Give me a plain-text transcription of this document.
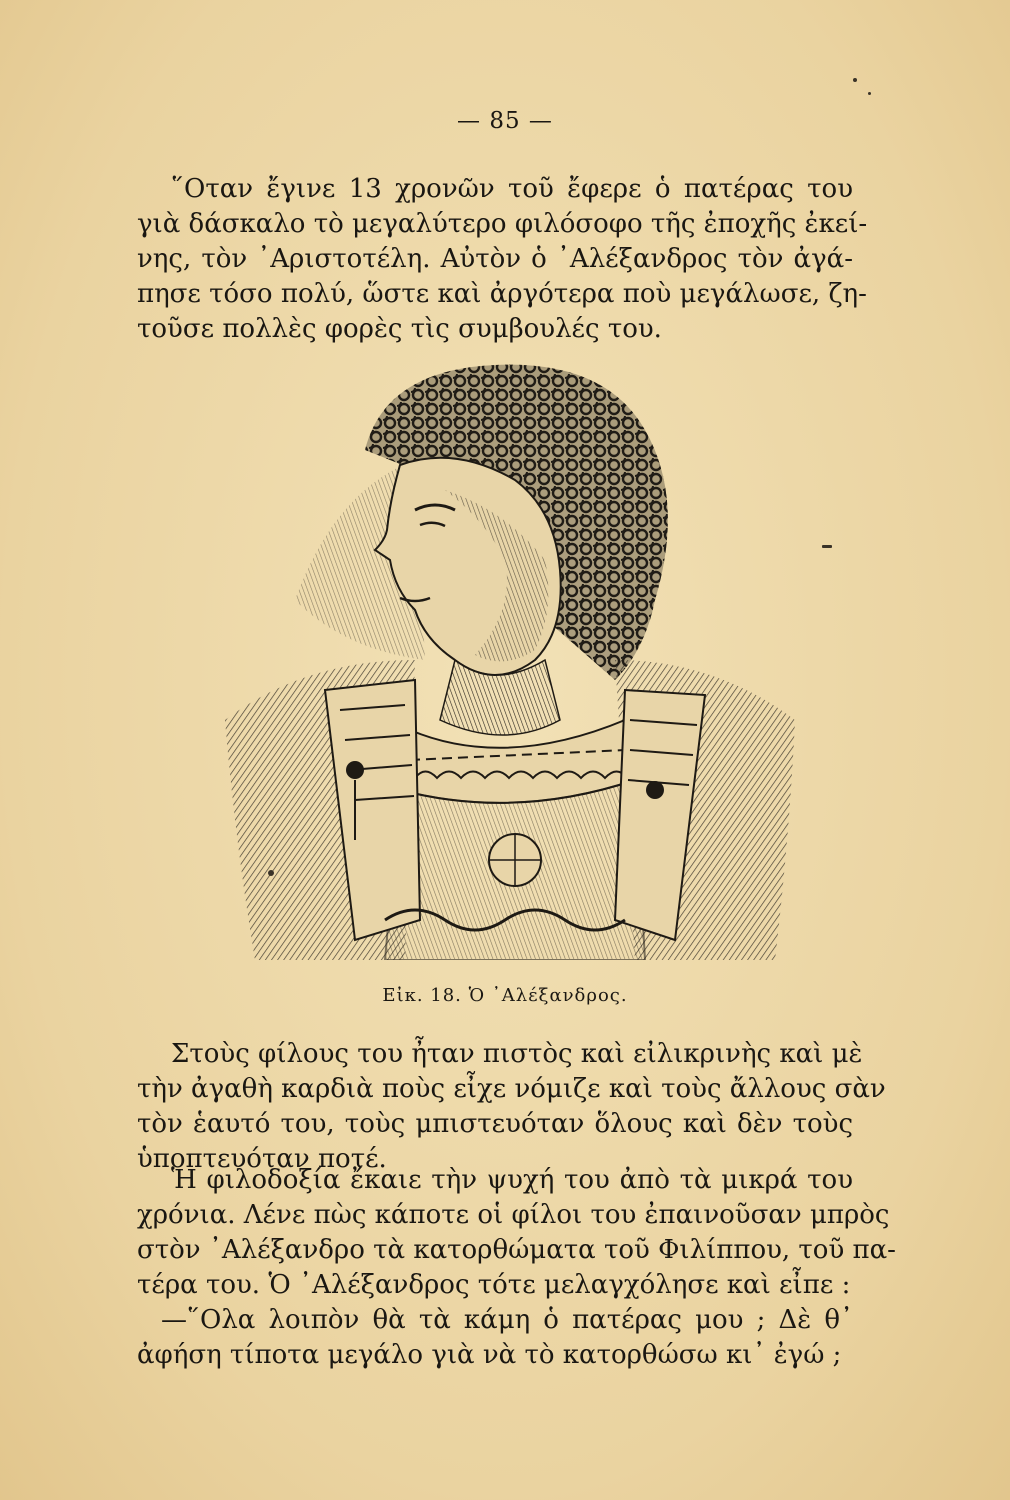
— 85 —
῞Οταν ἔγινε 13 χρονῶν τοῦ ἔφερε ὁ πατέρας του
γιὰ δάσκαλο τὸ μεγαλύτερο φιλόσοφο τῆς ἐποχῆς ἐκεί-
νης, τὸν ᾿Αριστοτέλη. Αὐτὸν ὁ ᾿Αλέξανδρος τὸν ἀγά-
πησε τόσο πολύ, ὥστε καὶ ἀργότερα ποὺ μεγάλωσε, ζη-
τοῦσε πολλὲς φορὲς τὶς συμβουλές του.
Εἰκ. 18. Ὁ ᾿Αλέξανδρος.
Στοὺς φίλους του ἦταν πιστὸς καὶ εἰλικρινὴς καὶ μὲ
τὴν ἀγαθὴ καρδιὰ ποὺς εἶχε νόμιζε καὶ τοὺς ἄλλους σὰν
τὸν ἑαυτό του, τοὺς μπιστευόταν ὅλους καὶ δὲν τοὺς
ὑποπτευόταν ποτέ.
Ἡ φιλοδοξία ἔκαιε τὴν ψυχή του ἀπὸ τὰ μικρά του
χρόνια. Λένε πὼς κάποτε οἱ φίλοι του ἐπαινοῦσαν μπρὸς
στὸν ᾿Αλέξανδρο τὰ κατορθώματα τοῦ Φιλίππου, τοῦ πα-
τέρα του. Ὁ ᾿Αλέξανδρος τότε μελαγχόλησε καὶ εἶπε :
—῞Ολα λοιπὸν θὰ τὰ κάμη ὁ πατέρας μου ; Δὲ θ᾿
ἀφήση τίποτα μεγάλο γιὰ νὰ τὸ κατορθώσω κι᾿ ἐγώ ;
